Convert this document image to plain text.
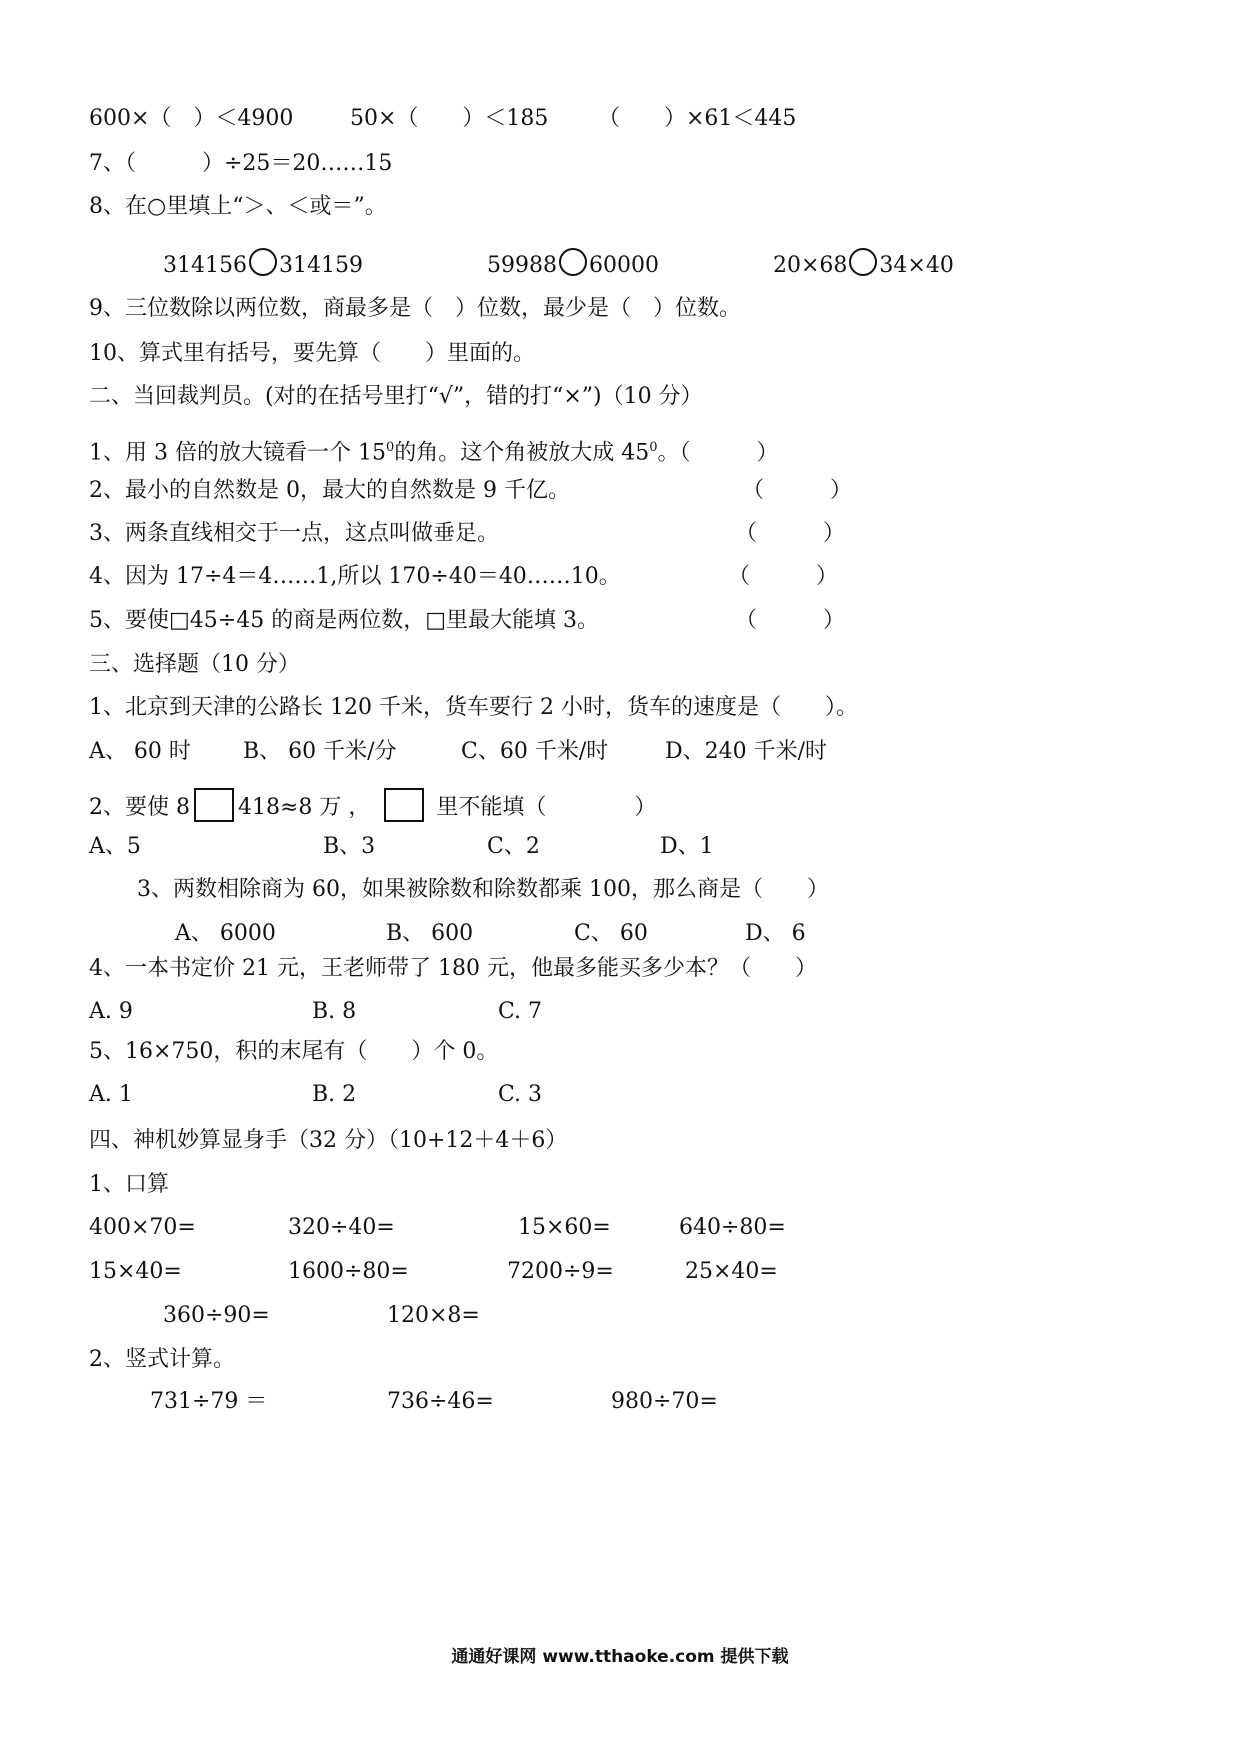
600×（　）＜4900	50×（　　）＜185 （　　）×61＜445
7、（　　　）÷25＝20……15
8、在○里填上“＞、＜或＝”。
314156 314159	59988 60000	20×68 34×40
9、三位数除以两位数，商最多是（　）位数，最少是（　）位数。
10、算式里有括号，要先算（　　）里面的。
二、当回裁判员。(对的在括号里打“√”，错的打“×”)（10 分）
1、用 3 倍的放大镜看一个 $15^0$的角。这个角被放大成 $45^0$。（　　　）
2、最小的自然数是 0，最大的自然数是 9 千亿。	（　　　）
3、两条直线相交于一点，这点叫做垂足。	（　　　）
4、因为 17÷4＝4……1,所以 170÷40＝40……10。	（　　　）
5、要使□45÷45 的商是两位数，□里最大能填 3。	（　　　）
三、选择题（10 分）
1、北京到天津的公路长 120 千米，货车要行 2 小时，货车的速度是（　　）。
A、 60 时 B、 60 千米/分	C、60 千米/时	D、240 千米/时
2、要使 8 418≈8 万 ，	里不能填（　　　　）
A、5	B、3	C、2	D、1
3、两数相除商为 60，如果被除数和除数都乘 100，那么商是（　　）
A、 6000	B、 600	C、 60	D、 6
4、一本书定价 21 元，王老师带了 180 元，他最多能买多少本？（　　）
A. 9	B. 8	C. 7
5、16×750，积的末尾有（　　）个 0。
A. 1	B. 2	C. 3
四、神机妙算显身手（32 分）（10+12＋4＋6）
1、口算
400×70=	320÷40=	15×60=	640÷80=
15×40=	1600÷80=	7200÷9=	25×40=
360÷90=	120×8=
2、竖式计算。
731÷79 ＝	736÷46=	980÷70=
通通好课网 www.tthaoke.com 提供下载
